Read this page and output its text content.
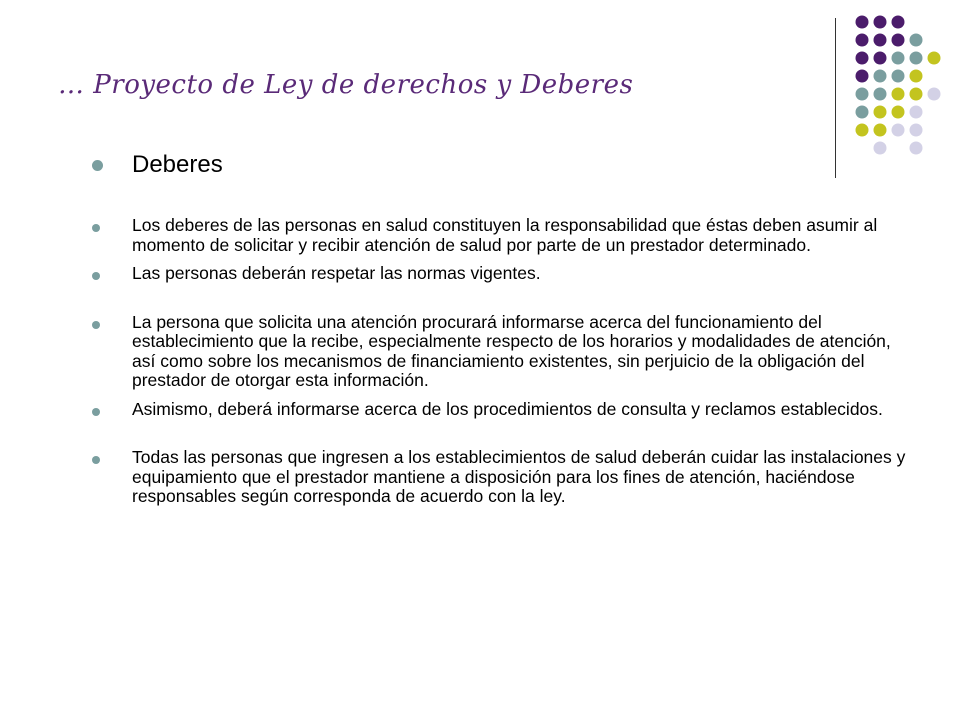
… Proyecto de Ley de derechos y Deberes
Deberes
Los deberes de las personas en salud constituyen la responsabilidad que éstas deben asumir al momento de solicitar y recibir atención de salud por parte de un prestador determinado.
Las personas deberán respetar las normas vigentes.
La persona que solicita una atención procurará informarse acerca del funcionamiento del establecimiento que la recibe, especialmente respecto de los horarios y modalidades de atención, así como sobre los mecanismos de financiamiento existentes, sin perjuicio de la obligación del prestador de otorgar esta información.
Asimismo, deberá informarse acerca de los procedimientos de consulta y reclamos establecidos.
Todas las personas que ingresen a los establecimientos de salud deberán cuidar las instalaciones y equipamiento que el prestador mantiene a disposición para los fines de atención, haciéndose responsables según corresponda de acuerdo con la ley.
